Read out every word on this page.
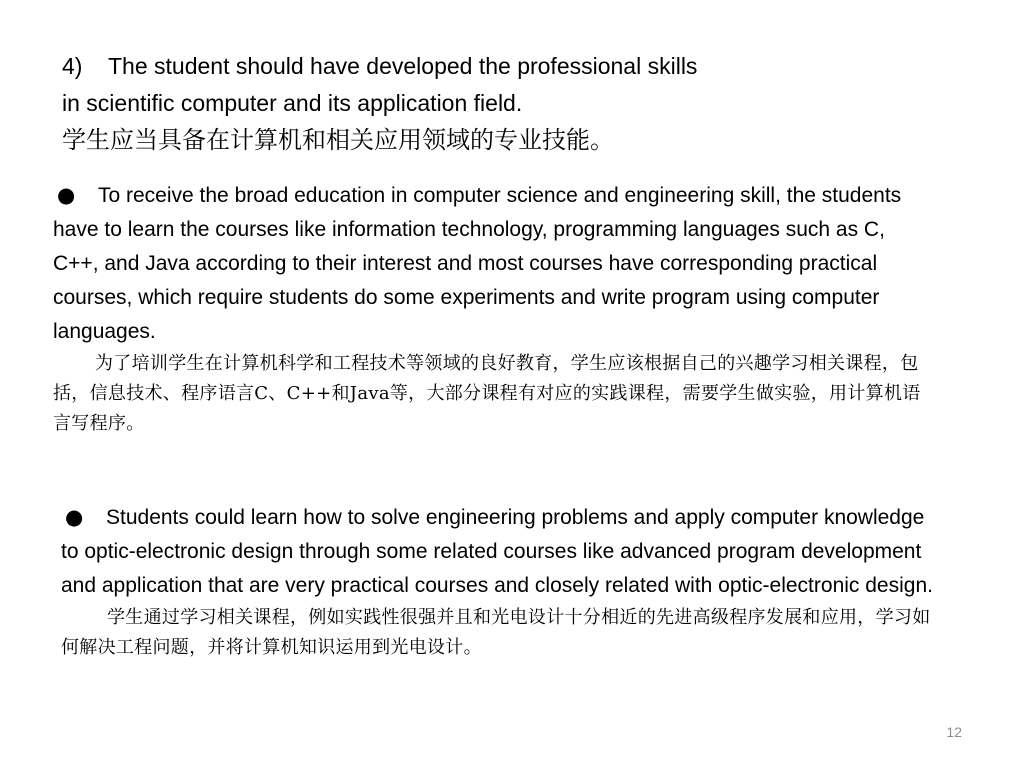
4) The student should have developed the professional skills
in scientific computer and its application field.
学生应当具备在计算机和相关应用领域的专业技能。

● To receive the broad education in computer science and engineering skill, the students have to learn the courses like information technology, programming languages such as C, C++, and Java according to their interest and most courses have corresponding practical courses, which require students do some experiments and write program using computer languages.

为了培训学生在计算机科学和工程技术等领域的良好教育，学生应该根据自己的兴趣学习相关课程，包括，信息技术、程序语言C、C++和Java等，大部分课程有对应的实践课程，需要学生做实验，用计算机语言写程序。

● Students could learn how to solve engineering problems and apply computer knowledge to optic-electronic design through some related courses like advanced program development and application that are very practical courses and closely related with optic-electronic design.

学生通过学习相关课程，例如实践性很强并且和光电设计十分相近的先进高级程序发展和应用，学习如何解决工程问题，并将计算机知识运用到光电设计。

12
